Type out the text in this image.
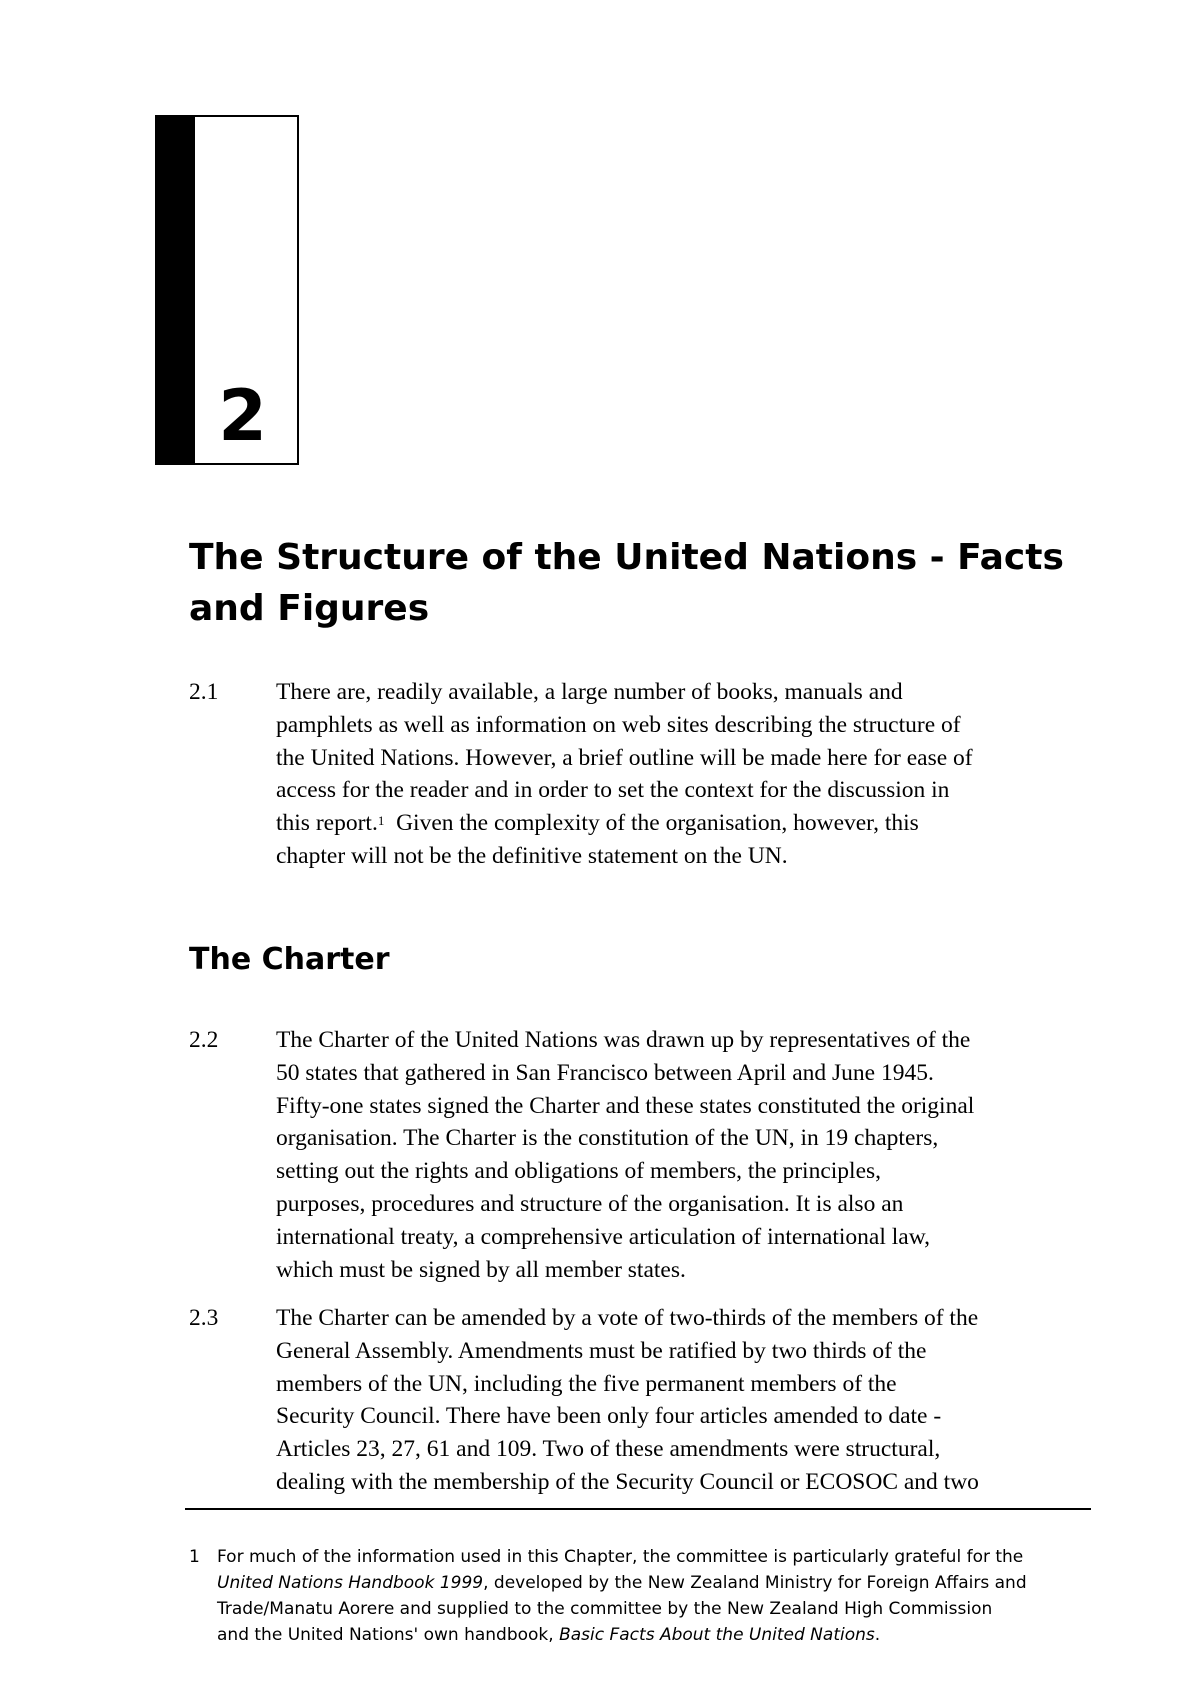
2
The Structure of the United Nations - Facts
and Figures
2.1 There are, readily available, a large number of books, manuals and
pamphlets as well as information on web sites describing the structure of
the United Nations. However, a brief outline will be made here for ease of
access for the reader and in order to set the context for the discussion in
this report.$^1$  Given the complexity of the organisation, however, this
chapter will not be the definitive statement on the UN.
The Charter
2.2 The Charter of the United Nations was drawn up by representatives of the
50 states that gathered in San Francisco between April and June 1945.
Fifty-one states signed the Charter and these states constituted the original
organisation. The Charter is the constitution of the UN, in 19 chapters,
setting out the rights and obligations of members, the principles,
purposes, procedures and structure of the organisation. It is also an
international treaty, a comprehensive articulation of international law,
which must be signed by all member states.
2.3 The Charter can be amended by a vote of two-thirds of the members of the
General Assembly. Amendments must be ratified by two thirds of the
members of the UN, including the five permanent members of the
Security Council. There have been only four articles amended to date -
Articles 23, 27, 61 and 109. Two of these amendments were structural,
dealing with the membership of the Security Council or ECOSOC and two
1 For much of the information used in this Chapter, the committee is particularly grateful for the
United Nations Handbook 1999, developed by the New Zealand Ministry for Foreign Affairs and
Trade/Manatu Aorere and supplied to the committee by the New Zealand High Commission
and the United Nations' own handbook, Basic Facts About the United Nations.
